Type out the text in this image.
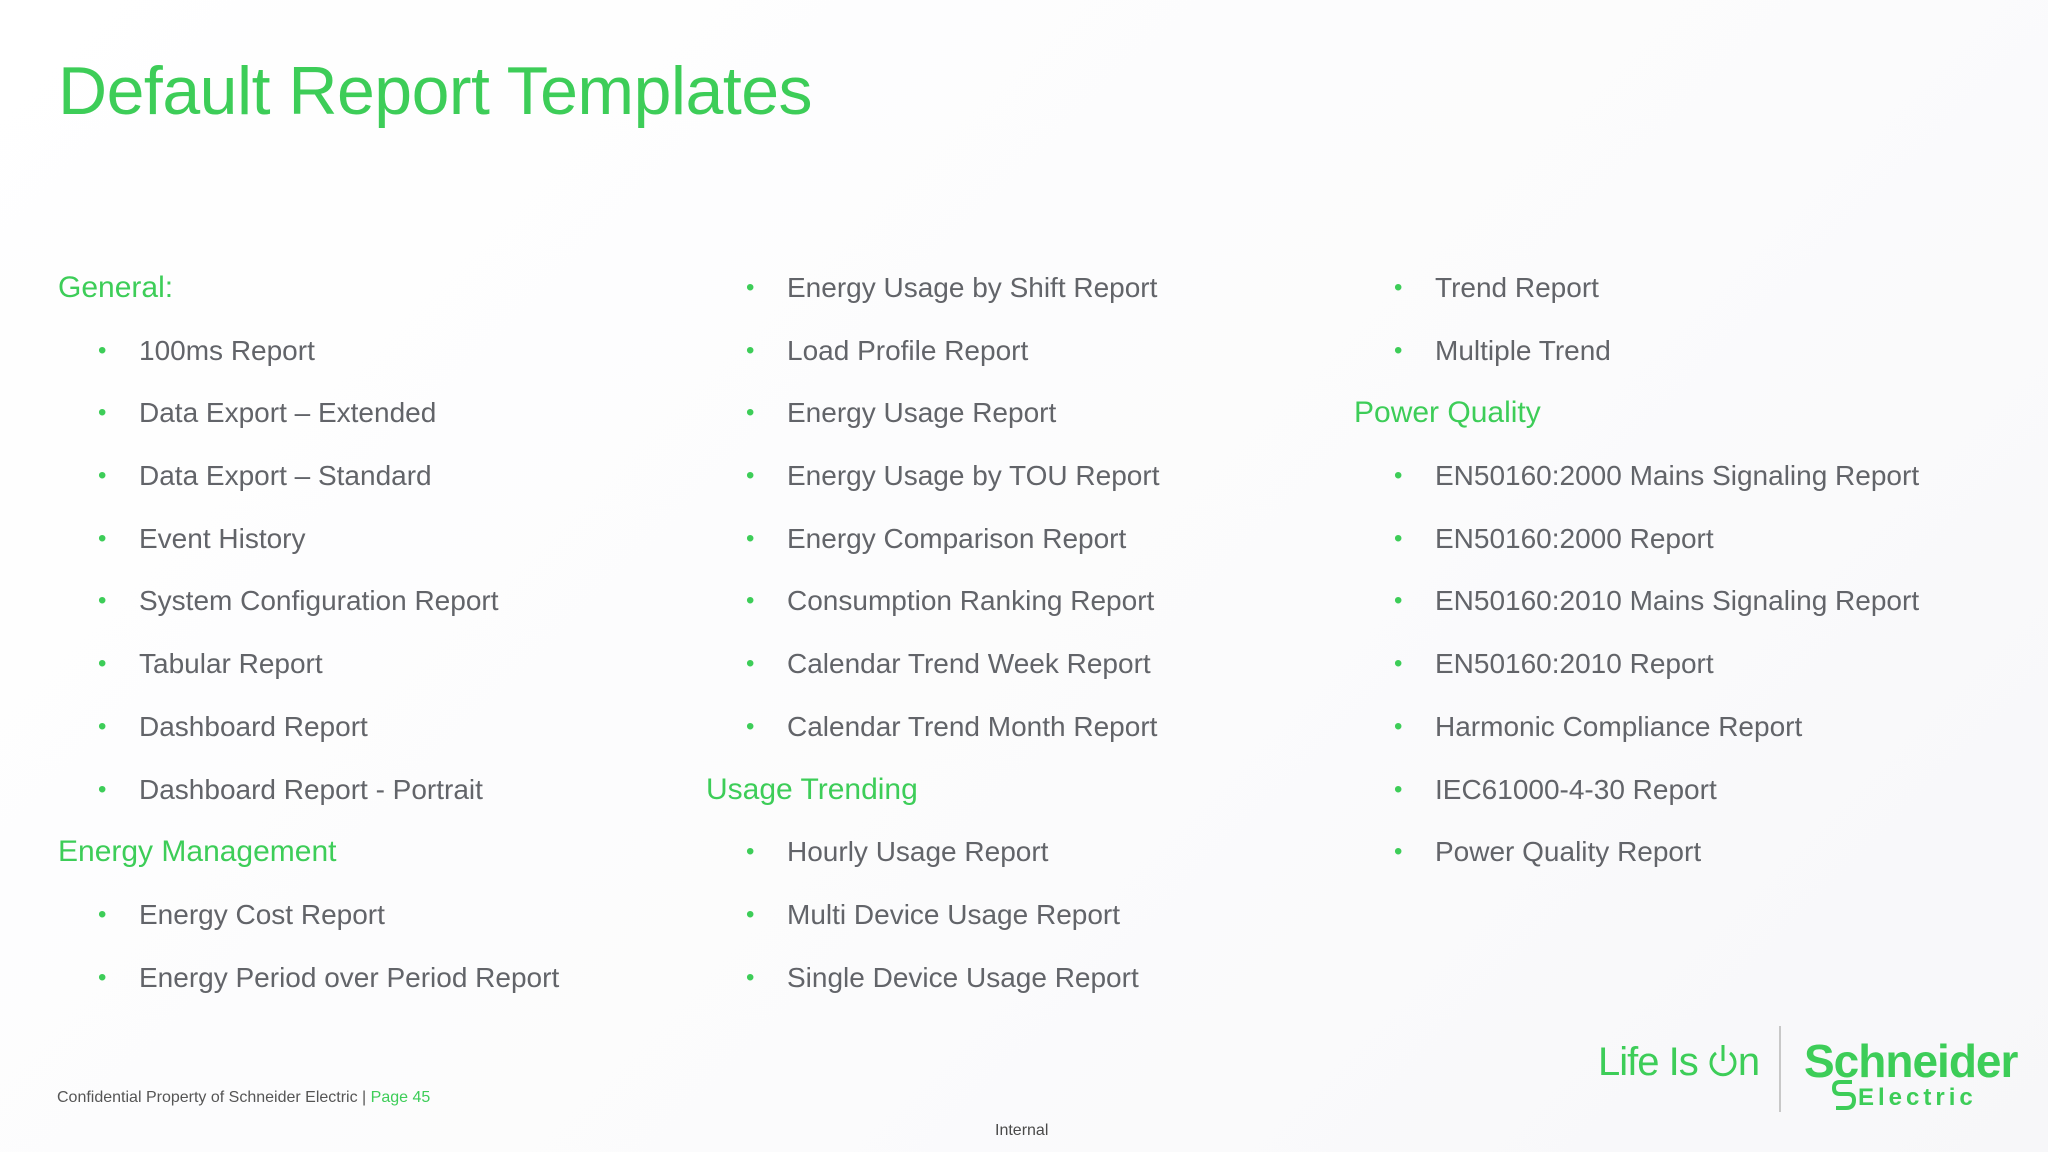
Default Report Templates
General:
• 100ms Report
• Data Export – Extended
• Data Export – Standard
• Event History
• System Configuration Report
• Tabular Report
• Dashboard Report
• Dashboard Report - Portrait
Energy Management
• Energy Cost Report
• Energy Period over Period Report
• Energy Usage by Shift Report
• Load Profile Report
• Energy Usage Report
• Energy Usage by TOU Report
• Energy Comparison Report
• Consumption Ranking Report
• Calendar Trend Week Report
• Calendar Trend Month Report
Usage Trending
• Hourly Usage Report
• Multi Device Usage Report
• Single Device Usage Report
• Trend Report
• Multiple Trend
Power Quality
• EN50160:2000 Mains Signaling Report
• EN50160:2000 Report
• EN50160:2010 Mains Signaling Report
• EN50160:2010 Report
• Harmonic Compliance Report
• IEC61000-4-30 Report
• Power Quality Report
Confidential Property of Schneider Electric | Page 45
Internal
Life Is n Schneider
Electric
